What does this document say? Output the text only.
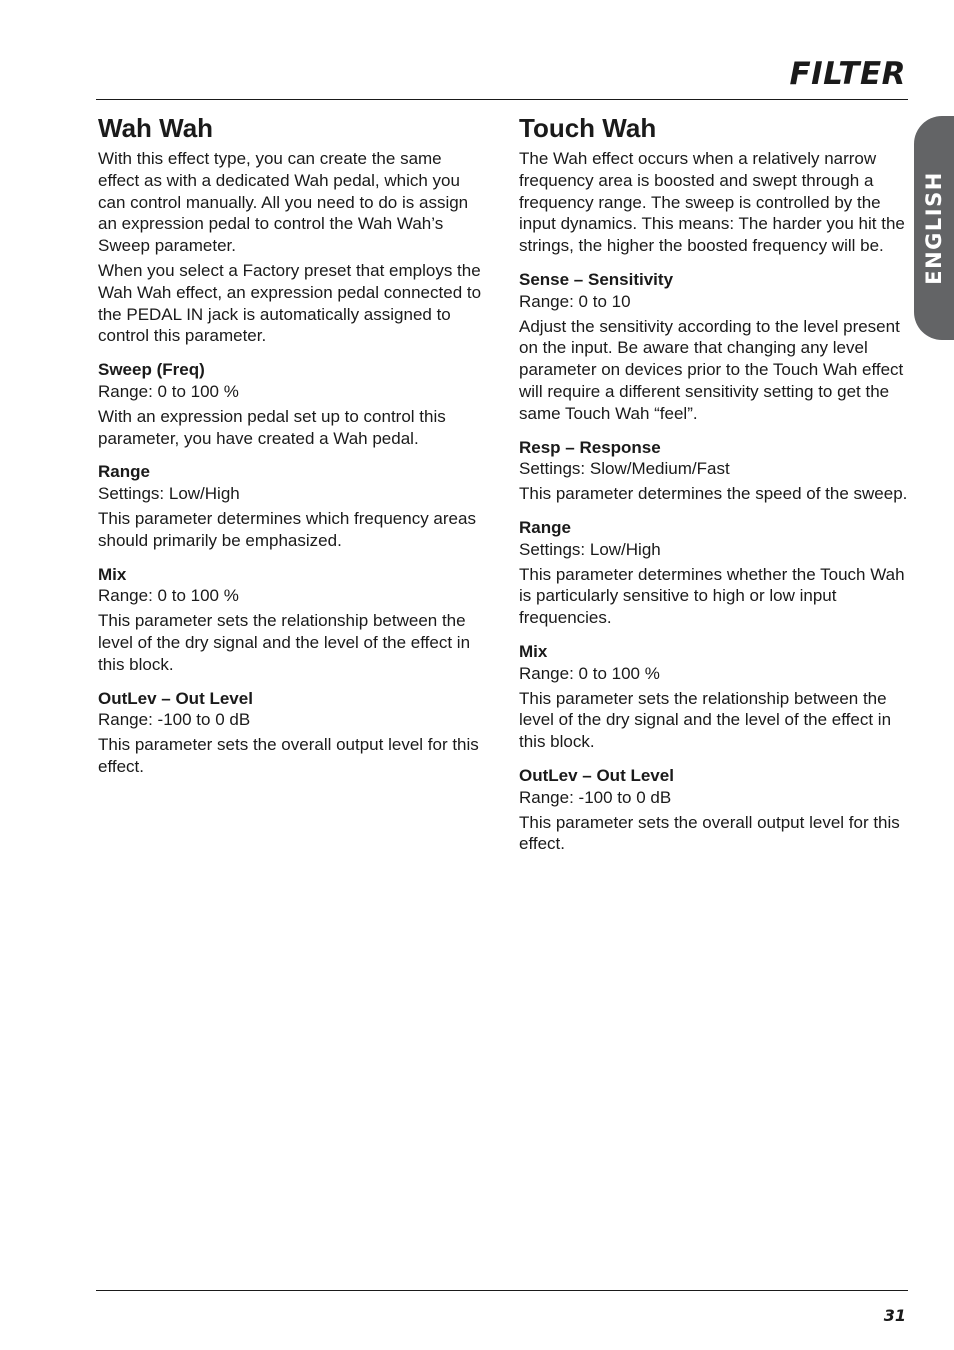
FILTER
ENGLISH
Wah Wah

With this effect type, you can create the same effect as with a dedicated Wah pedal, which you can control manually. All you need to do is assign an expression pedal to control the Wah Wah’s Sweep parameter.

When you select a Factory preset that employs the Wah Wah effect, an expression pedal connected to the PEDAL IN jack is automatically assigned to control this parameter.

Sweep (Freq)
Range: 0 to 100 %

With an expression pedal set up to control this parameter, you have created a Wah pedal.

Range
Settings: Low/High

This parameter determines which frequency areas should primarily be emphasized.

Mix
Range: 0 to 100 %

This parameter sets the relationship between the level of the dry signal and the level of the effect in this block.

OutLev – Out Level
Range: -100 to 0 dB

This parameter sets the overall output level for this effect.

Touch Wah

The Wah effect occurs when a relatively narrow frequency area is boosted and swept through a frequency range. The sweep is controlled by the input dynamics. This means: The harder you hit the strings, the higher the boosted frequency will be.

Sense – Sensitivity
Range: 0 to 10

Adjust the sensitivity according to the level present on the input. Be aware that changing any level parameter on devices prior to the Touch Wah effect will require a different sensitivity setting to get the same Touch Wah “feel”.

Resp – Response
Settings: Slow/Medium/Fast

This parameter determines the speed of the sweep.

Range
Settings: Low/High

This parameter determines whether the Touch Wah is particularly sensitive to high or low input frequencies.

Mix
Range: 0 to 100 %

This parameter sets the relationship between the level of the dry signal and the level of the effect in this block.

OutLev – Out Level
Range: -100 to 0 dB

This parameter sets the overall output level for this effect.

31
